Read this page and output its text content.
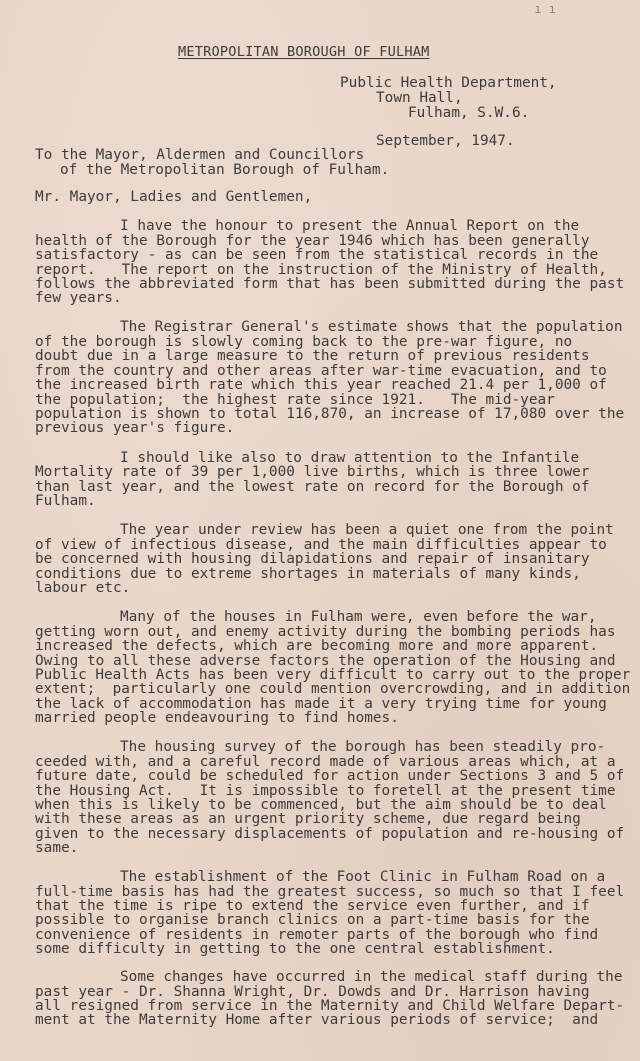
ı ı
METROPOLITAN BOROUGH OF FULHAM
Public Health Department,
Town Hall,
Fulham, S.W.6.
September, 1947.
To the Mayor, Aldermen and Councillors
of the Metropolitan Borough of Fulham.
Mr. Mayor, Ladies and Gentlemen,
I have the honour to present the Annual Report on the
health of the Borough for the year 1946 which has been generally
satisfactory - as can be seen from the statistical records in the
report.   The report on the instruction of the Ministry of Health,
follows the abbreviated form that has been submitted during the past
few years.
The Registrar General's estimate shows that the population
of the borough is slowly coming back to the pre-war figure, no
doubt due in a large measure to the return of previous residents
from the country and other areas after war-time evacuation, and to
the increased birth rate which this year reached 21.4 per 1,000 of
the population;  the highest rate since 1921.   The mid-year
population is shown to total 116,870, an increase of 17,080 over the
previous year's figure.
I should like also to draw attention to the Infantile
Mortality rate of 39 per 1,000 live births, which is three lower
than last year, and the lowest rate on record for the Borough of
Fulham.
The year under review has been a quiet one from the point
of view of infectious disease, and the main difficulties appear to
be concerned with housing dilapidations and repair of insanitary
conditions due to extreme shortages in materials of many kinds,
labour etc.
Many of the houses in Fulham were, even before the war,
getting worn out, and enemy activity during the bombing periods has
increased the defects, which are becoming more and more apparent.
Owing to all these adverse factors the operation of the Housing and
Public Health Acts has been very difficult to carry out to the proper
extent;  particularly one could mention overcrowding, and in addition
the lack of accommodation has made it a very trying time for young
married people endeavouring to find homes.
The housing survey of the borough has been steadily pro-
ceeded with, and a careful record made of various areas which, at a
future date, could be scheduled for action under Sections 3 and 5 of
the Housing Act.   It is impossible to foretell at the present time
when this is likely to be commenced, but the aim should be to deal
with these areas as an urgent priority scheme, due regard being
given to the necessary displacements of population and re-housing of
same.
The establishment of the Foot Clinic in Fulham Road on a
full-time basis has had the greatest success, so much so that I feel
that the time is ripe to extend the service even further, and if
possible to organise branch clinics on a part-time basis for the
convenience of residents in remoter parts of the borough who find
some difficulty in getting to the one central establishment.
Some changes have occurred in the medical staff during the
past year - Dr. Shanna Wright, Dr. Dowds and Dr. Harrison having
all resigned from service in the Maternity and Child Welfare Depart-
ment at the Maternity Home after various periods of service;  and
